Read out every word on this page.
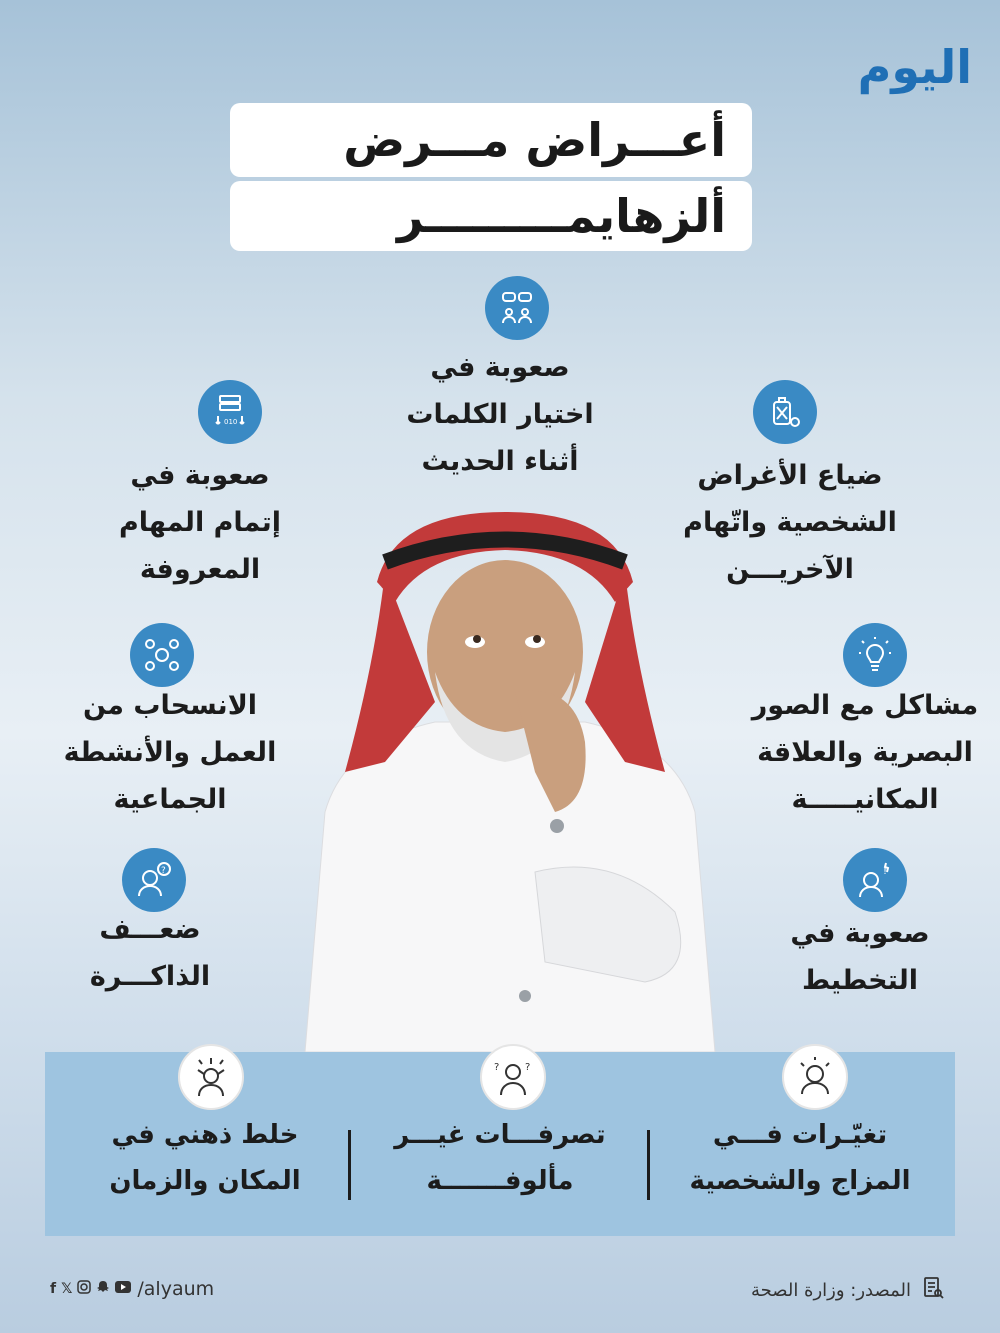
اليوم
أعـــراض مـــرض
ألزهايمـــــــــر
صعوبة في
اختيار الكلمات
أثناء الحديث
010
صعوبة في
إتمام المهام
المعروفة
ضياع الأغراض
الشخصية واتّهام
الآخريـــن
الانسحاب من
العمل والأنشطة
الجماعية
مشاكل مع الصور
البصرية والعلاقة
المكانيـــــة
?
ضعـــف
الذاكـــرة
!
صعوبة في
التخطيط
تغيّـرات فـــي
المزاج والشخصية
?	?
تصرفـــات غيـــر
مألوفـــــــة
خلط ذهني في
المكان والزمان
المصدر: وزارة الصحة
f 𝕏	/alyaum
